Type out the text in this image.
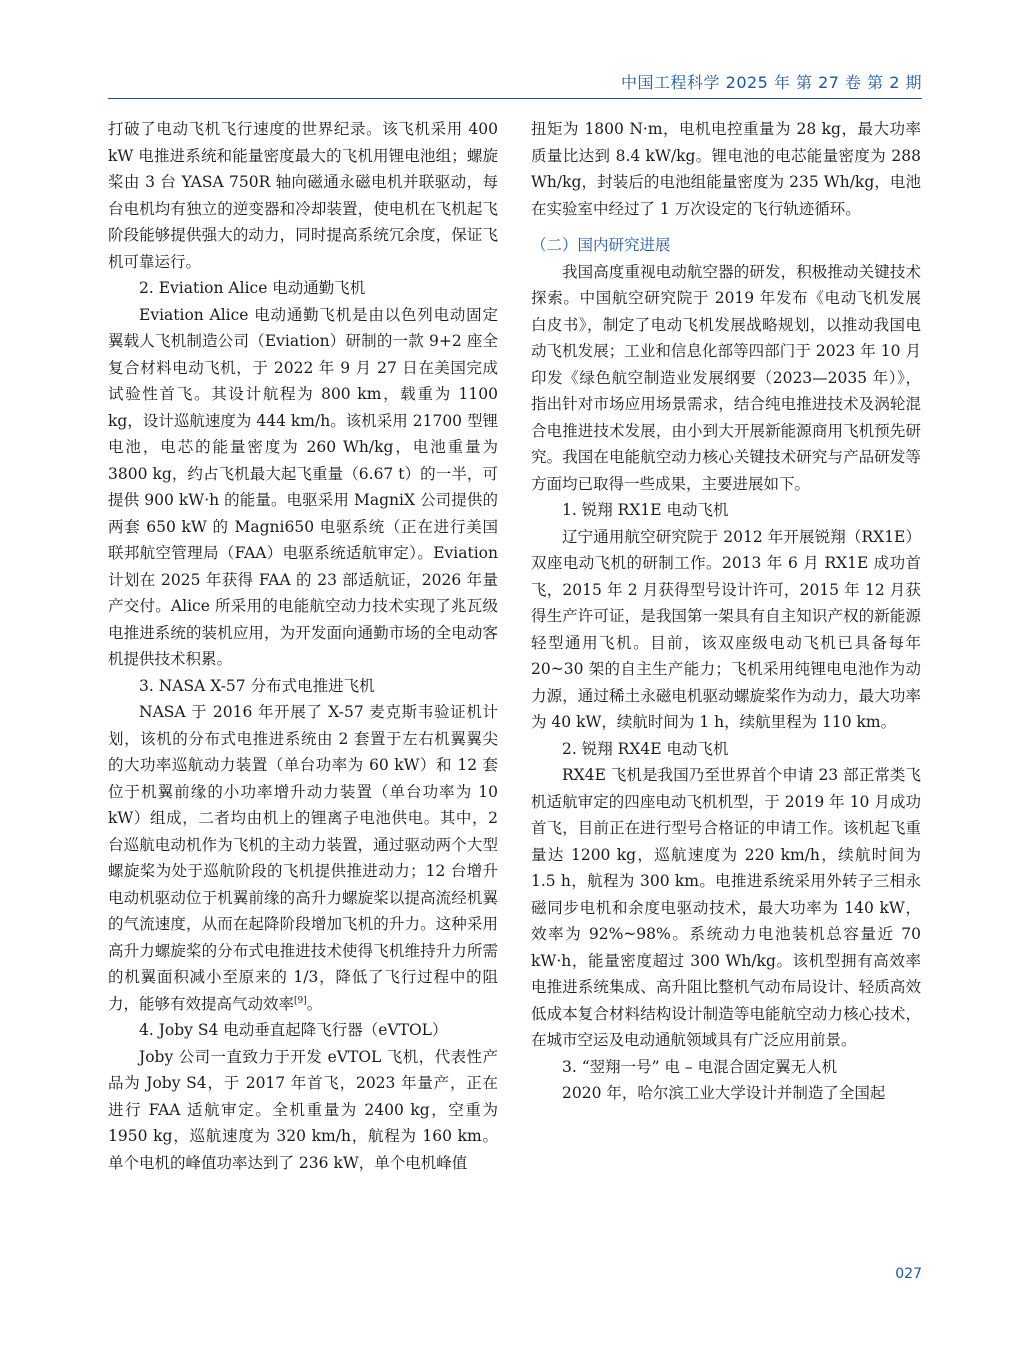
中国工程科学 2025 年 第 27 卷 第 2 期

打破了电动飞机飞行速度的世界纪录。该飞机采用 400 kW 电推进系统和能量密度最大的飞机用锂电池组；螺旋桨由 3 台 YASA 750R 轴向磁通永磁电机并联驱动，每台电机均有独立的逆变器和冷却装置，使电机在飞机起飞阶段能够提供强大的动力，同时提高系统冗余度，保证飞机可靠运行。

2. Eviation Alice 电动通勤飞机

Eviation Alice 电动通勤飞机是由以色列电动固定翼载人飞机制造公司（Eviation）研制的一款 9+2 座全复合材料电动飞机，于 2022 年 9 月 27 日在美国完成试验性首飞。其设计航程为 800 km，载重为 1100 kg，设计巡航速度为 444 km/h。该机采用 21700 型锂电池，电芯的能量密度为 260 Wh/kg，电池重量为 3800 kg，约占飞机最大起飞重量（6.67 t）的一半，可提供 900 kW·h 的能量。电驱采用 MagniX 公司提供的两套 650 kW 的 Magni650 电驱系统（正在进行美国联邦航空管理局（FAA）电驱系统适航审定）。Eviation 计划在 2025 年获得 FAA 的 23 部适航证，2026 年量产交付。Alice 所采用的电能航空动力技术实现了兆瓦级电推进系统的装机应用，为开发面向通勤市场的全电动客机提供技术积累。

3. NASA X-57 分布式电推进飞机

NASA 于 2016 年开展了 X-57 麦克斯韦验证机计划，该机的分布式电推进系统由 2 套置于左右机翼翼尖的大功率巡航动力装置（单台功率为 60 kW）和 12 套位于机翼前缘的小功率增升动力装置（单台功率为 10 kW）组成，二者均由机上的锂离子电池供电。其中，2 台巡航电动机作为飞机的主动力装置，通过驱动两个大型螺旋桨为处于巡航阶段的飞机提供推进动力；12 台增升电动机驱动位于机翼前缘的高升力螺旋桨以提高流经机翼的气流速度，从而在起降阶段增加飞机的升力。这种采用高升力螺旋桨的分布式电推进技术使得飞机维持升力所需的机翼面积减小至原来的 1/3，降低了飞行过程中的阻力，能够有效提高气动效率[9]。

4. Joby S4 电动垂直起降飞行器（eVTOL）

Joby 公司一直致力于开发 eVTOL 飞机，代表性产品为 Joby S4，于 2017 年首飞，2023 年量产，正在进行 FAA 适航审定。全机重量为 2400 kg，空重为 1950 kg，巡航速度为 320 km/h，航程为 160 km。单个电机的峰值功率达到了 236 kW，单个电机峰值

扭矩为 1800 N·m，电机电控重量为 28 kg，最大功率质量比达到 8.4 kW/kg。锂电池的电芯能量密度为 288 Wh/kg，封装后的电池组能量密度为 235 Wh/kg，电池在实验室中经过了 1 万次设定的飞行轨迹循环。

（二）国内研究进展

我国高度重视电动航空器的研发，积极推动关键技术探索。中国航空研究院于 2019 年发布《电动飞机发展白皮书》，制定了电动飞机发展战略规划，以推动我国电动飞机发展；工业和信息化部等四部门于 2023 年 10 月印发《绿色航空制造业发展纲要（2023—2035 年）》，指出针对市场应用场景需求，结合纯电推进技术及涡轮混合电推进技术发展，由小到大开展新能源商用飞机预先研究。我国在电能航空动力核心关键技术研究与产品研发等方面均已取得一些成果，主要进展如下。

1. 锐翔 RX1E 电动飞机

辽宁通用航空研究院于 2012 年开展锐翔（RX1E）双座电动飞机的研制工作。2013 年 6 月 RX1E 成功首飞，2015 年 2 月获得型号设计许可，2015 年 12 月获得生产许可证，是我国第一架具有自主知识产权的新能源轻型通用飞机。目前，该双座级电动飞机已具备每年 20~30 架的自主生产能力；飞机采用纯锂电电池作为动力源，通过稀土永磁电机驱动螺旋桨作为动力，最大功率为 40 kW，续航时间为 1 h，续航里程为 110 km。

2. 锐翔 RX4E 电动飞机

RX4E 飞机是我国乃至世界首个申请 23 部正常类飞机适航审定的四座电动飞机机型，于 2019 年 10 月成功首飞，目前正在进行型号合格证的申请工作。该机起飞重量达 1200 kg，巡航速度为 220 km/h，续航时间为 1.5 h，航程为 300 km。电推进系统采用外转子三相永磁同步电机和余度电驱动技术，最大功率为 140 kW，效率为 92%~98%。系统动力电池装机总容量近 70 kW·h，能量密度超过 300 Wh/kg。该机型拥有高效率电推进系统集成、高升阻比整机气动布局设计、轻质高效低成本复合材料结构设计制造等电能航空动力核心技术，在城市空运及电动通航领域具有广泛应用前景。

3. “翌翔一号” 电 – 电混合固定翼无人机

2020 年，哈尔滨工业大学设计并制造了全国起

027
